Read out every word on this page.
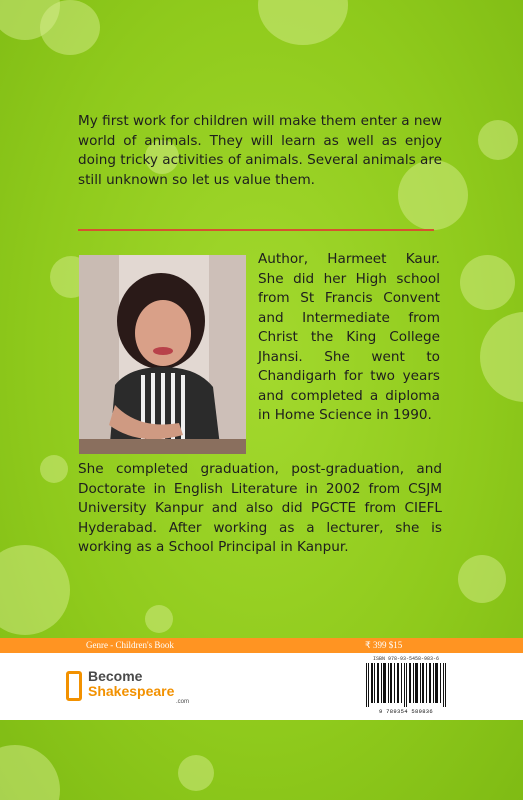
My first work for children will make them enter a new world of animals. They will learn as well as enjoy doing tricky activities of animals. Several animals are still unknown so let us value them.

Author, Harmeet Kaur. She did her High school from St Francis Convent and Intermediate from Christ the King College Jhansi. She went to Chandigarh for two years and completed a diploma in Home Science in 1990.

She completed graduation, post-graduation, and Doctorate in English Literature in 2002 from CSJM University Kanpur and also did PGCTE from CIEFL Hyderabad. After working as a lecturer, she is working as a School Principal in Kanpur.

Genre - Children's Book	₹ 399 $15
Become
Shakespeare
.com
ISBN 978-93-5458-983-6
9 789354 589836
